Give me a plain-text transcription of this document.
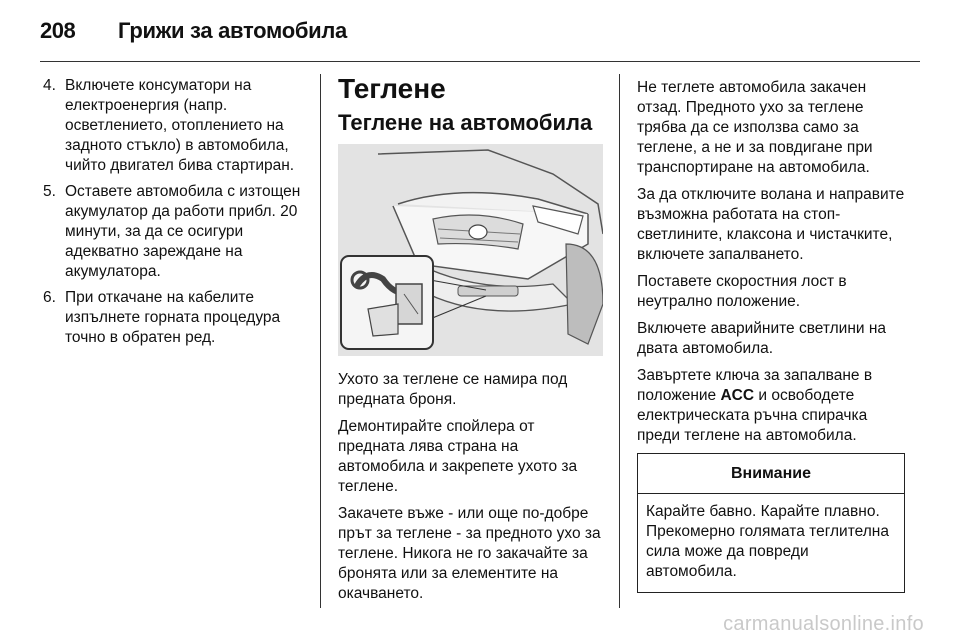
208 Грижи за автомобила
4. Включете консуматори на електроенергия (напр. осветлението, отоплението на задното стъкло) в автомобила, чийто двигател бива стартиран.
5. Оставете автомобила с изтощен акумулатор да работи прибл. 20 минути, за да се осигури адекватно зареждане на акумулатора.
6. При откачане на кабелите изпълнете горната процедура точно в обратен ред.
Теглене
Теглене на автомобила

Ухото за теглене се намира под предната броня.

Демонтирайте спойлера от предната лява страна на автомобила и закрепете ухото за теглене.

Закачете въже - или още по-добре прът за теглене - за предното ухо за теглене. Никога не го закачайте за бронята или за елементите на окачването.

Не теглете автомобила закачен отзад. Предното ухо за теглене трябва да се използва само за теглене, а не и за повдигане при транспортиране на автомобила.

За да отключите волана и направите възможна работата на стоп-светлините, клаксона и чистачките, включете запалването.

Поставете скоростния лост в неутрално положение.

Включете аварийните светлини на двата автомобила.

Завъртете ключа за запалване в положение ACC и освободете електрическата ръчна спирачка преди теглене на автомобила.

Внимание
Карайте бавно. Карайте плавно. Прекомерно голямата теглителна сила може да повреди автомобила.
carmanualsonline.info
